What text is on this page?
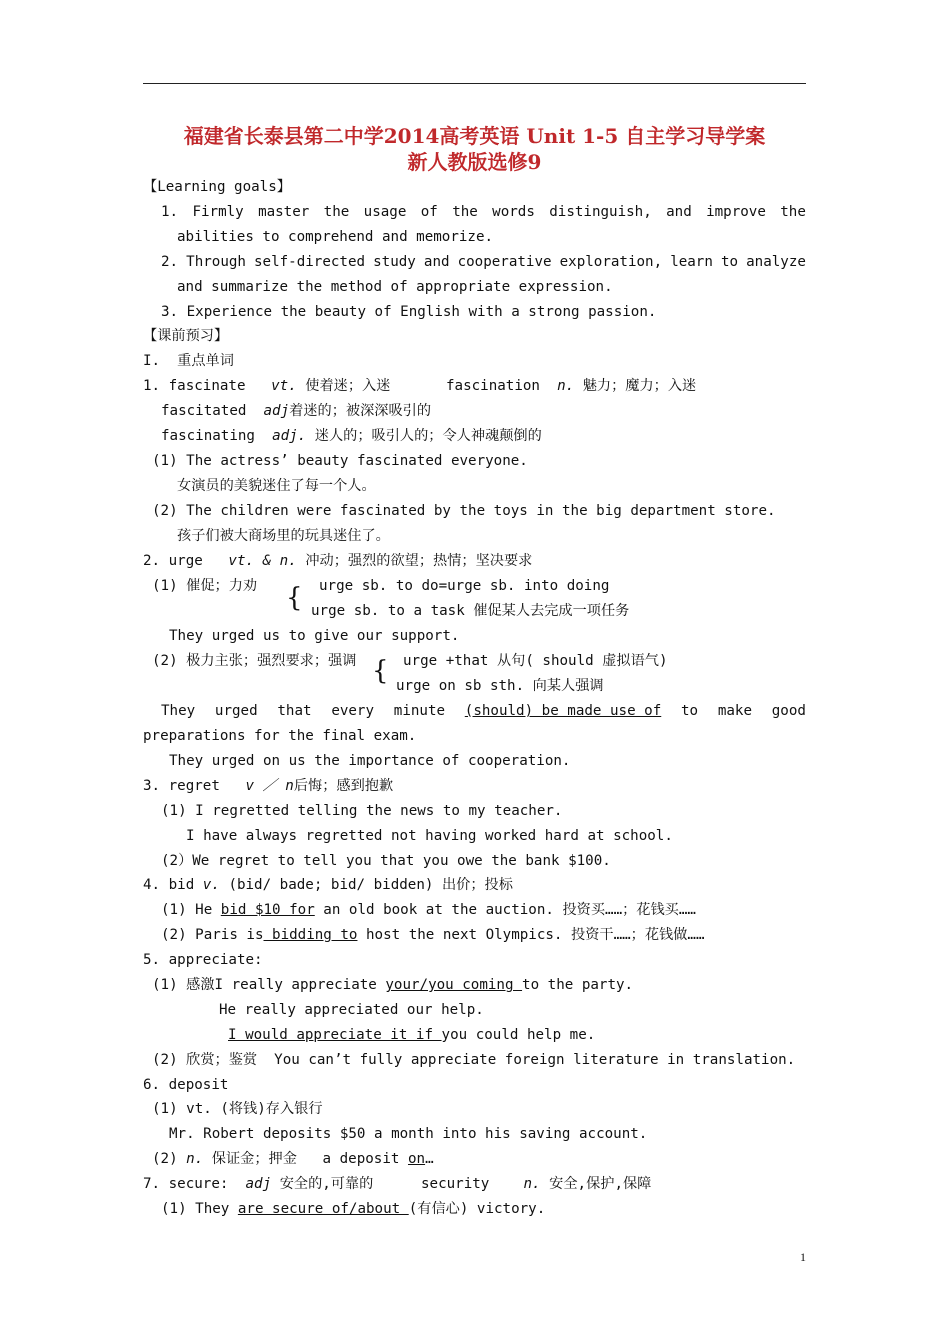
福建省长泰县第二中学2014高考英语 Unit 1-5 自主学习导学案
新人教版选修9
【Learning goals】
1. Firmly master the usage of the words distinguish, and improve the
abilities to comprehend and memorize.
2. Through self-directed study and cooperative exploration, learn to analyze
and summarize the method of appropriate expression.
3. Experience the beauty of English with a strong passion.
【课前预习】
I.  重点单词
1. fascinate vt. 使着迷；入迷	fascination n. 魅力；魔力；入迷
fascitated adj着迷的；被深深吸引的
fascinating adj. 迷人的；吸引人的；令人神魂颠倒的
(1) The actress’ beauty fascinated everyone.
女演员的美貌迷住了每一个人。
(2) The children were fascinated by the toys in the big department store.
孩子们被大商场里的玩具迷住了。
2. urge vt. & n. 冲动；强烈的欲望；热情；坚决要求
(1) 催促；力劝 { urge sb. to do=urge sb. into doing
urge sb. to a task 催促某人去完成一项任务
They urged us to give our support.
(2) 极力主张；强烈要求；强调 { urge +that 从句( should 虚拟语气)
urge on sb sth. 向某人强调
They urged that every minute (should) be made use of to make good
preparations for the final exam.
They urged on us the importance of cooperation.
3. regret v ／ n后悔；感到抱歉
(1) I regretted telling the news to my teacher.
I have always regretted not having worked hard at school.
(2）We regret to tell you that you owe the bank $100.
4. bid v. (bid/ bade; bid/ bidden) 出价；投标
(1) He bid $10 for an old book at the auction. 投资买……；花钱买……
(2) Paris is bidding to host the next Olympics. 投资干……；花钱做……
5. appreciate:
(1) 感激I really appreciate your/you coming to the party.
He really appreciated our help.
I would appreciate it if you could help me.
(2) 欣赏；鉴赏  You can’t fully appreciate foreign literature in translation.
6. deposit
(1) vt. (将钱)存入银行
Mr. Robert deposits $50 a month into his saving account.
(2) n. 保证金；押金   a deposit on…
7. secure: adj 安全的,可靠的	security n. 安全,保护,保障
(1) They are secure of/about (有信心) victory.
1
